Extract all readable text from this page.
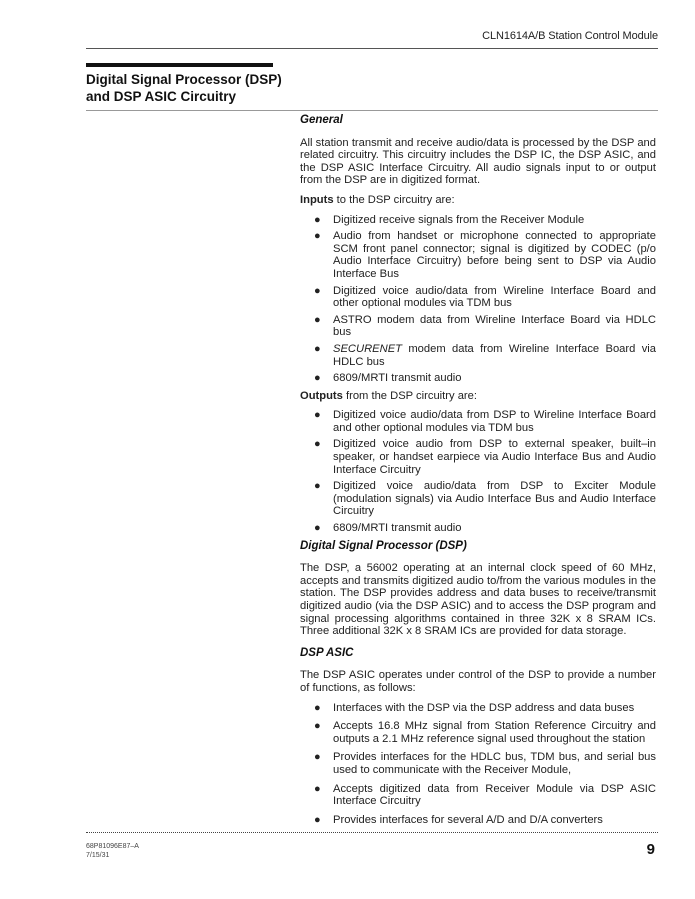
CLN1614A/B Station Control Module
Digital Signal Processor (DSP)
and DSP ASIC Circuitry
General

All station transmit and receive audio/data is processed by the DSP and related circuitry. This circuitry includes the DSP IC, the DSP ASIC, and the DSP ASIC Interface Circuitry. All audio signals input to or output from the DSP are in digitized format.

Inputs to the DSP circuitry are:

● Digitized receive signals from the Receiver Module
● Audio from handset or microphone connected to appropriate SCM front panel connector; signal is digitized by CODEC (p/o Audio Interface Circuitry) before being sent to DSP via Audio Interface Bus
● Digitized voice audio/data from Wireline Interface Board and other optional modules via TDM bus
● ASTRO modem data from Wireline Interface Board via HDLC bus
● SECURENET modem data from Wireline Interface Board via HDLC bus
● 6809/MRTI transmit audio

Outputs from the DSP circuitry are:

● Digitized voice audio/data from DSP to Wireline Interface Board and other optional modules via TDM bus
● Digitized voice audio from DSP to external speaker, built–in speaker, or handset earpiece via Audio Interface Bus and Audio Interface Circuitry
● Digitized voice audio/data from DSP to Exciter Module (modulation signals) via Audio Interface Bus and Audio Interface Circuitry
● 6809/MRTI transmit audio
Digital Signal Processor (DSP)

The DSP, a 56002 operating at an internal clock speed of 60 MHz, accepts and transmits digitized audio to/from the various modules in the station. The DSP provides address and data buses to receive/transmit digitized audio (via the DSP ASIC) and to access the DSP program and signal processing algorithms contained in three 32K x 8 SRAM ICs. Three additional 32K x 8 SRAM ICs are provided for data storage.

DSP ASIC

The DSP ASIC operates under control of the DSP to provide a number of functions, as follows:

● Interfaces with the DSP via the DSP address and data buses
● Accepts 16.8 MHz signal from Station Reference Circuitry and outputs a 2.1 MHz reference signal used throughout the station
● Provides interfaces for the HDLC bus, TDM bus, and serial bus used to communicate with the Receiver Module,
● Accepts digitized data from Receiver Module via DSP ASIC Interface Circuitry
● Provides interfaces for several A/D and D/A converters
68P81096E87–A
7/15/31	9
